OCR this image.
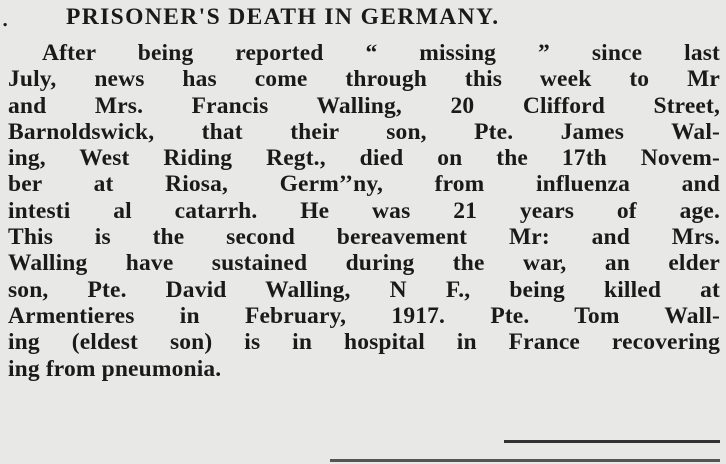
. PRISONER'S DEATH IN GERMANY.
After being reported “ missing ” since last
July, news has come through this week to Mr
and Mrs. Francis Walling, 20 Clifford Street,
Barnoldswick, that their son, Pte. James Wal-
ing, West Riding Regt., died on the 17th Novem-
ber at Riosa, Germ’’ny, from influenza and
intesti al catarrh. He was 21 years of age.
This is the second bereavement Mr: and Mrs.
Walling have sustained during the war, an elder
son, Pte. David Walling, N F., being killed at
Armentieres in February, 1917. Pte. Tom Wall-
ing (eldest son) is in hospital in France recovering
ing from pneumonia.
